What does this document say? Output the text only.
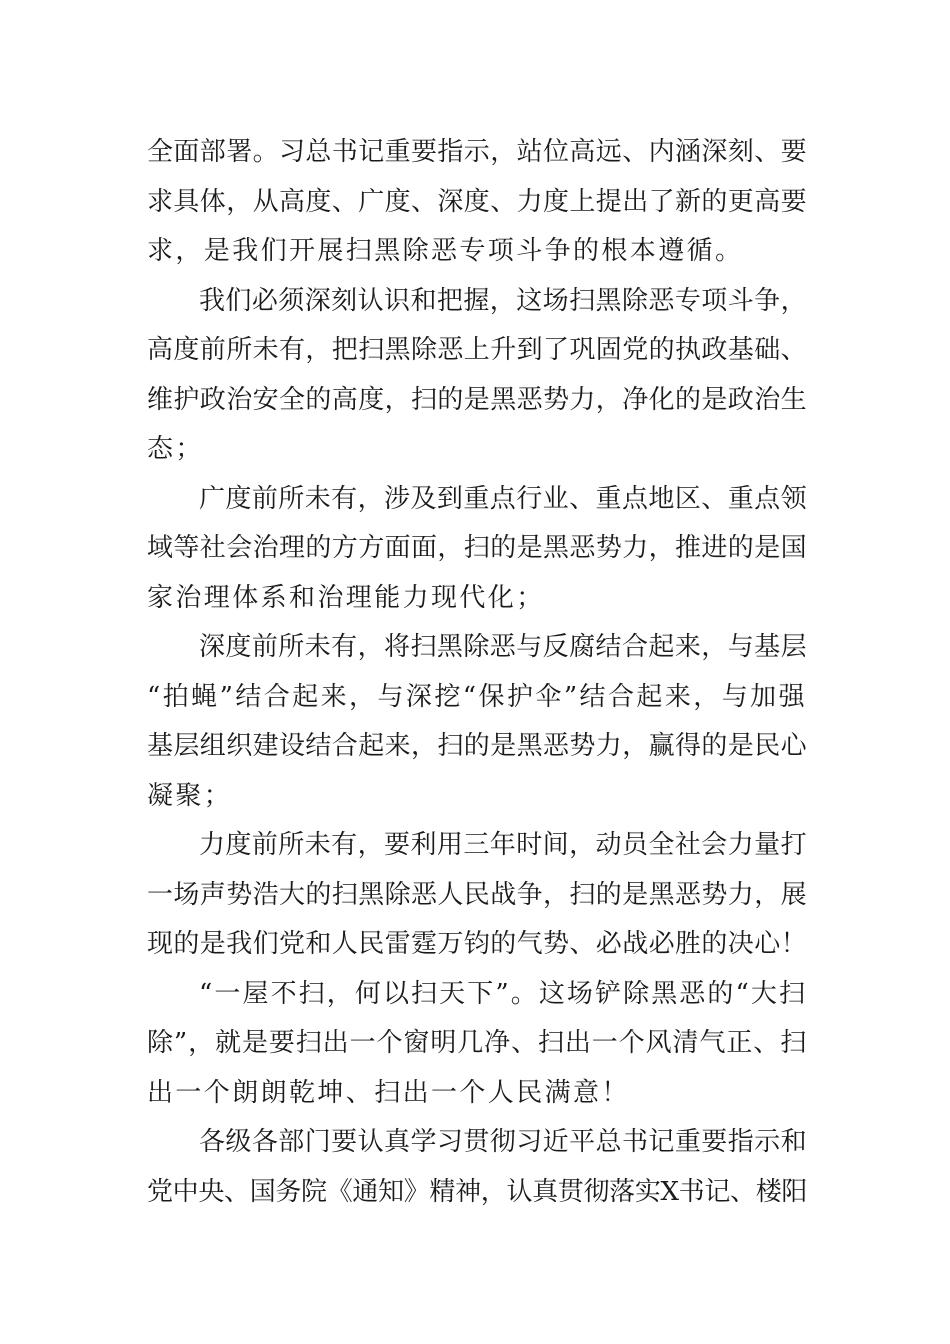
全面部署。习总书记重要指示，站位高远、内涵深刻、要
求具体，从高度、广度、深度、力度上提出了新的更高要
求，是我们开展扫黑除恶专项斗争的根本遵循。
我们必须深刻认识和把握，这场扫黑除恶专项斗争，
高度前所未有，把扫黑除恶上升到了巩固党的执政基础、
维护政治安全的高度，扫的是黑恶势力，净化的是政治生
态；
广度前所未有，涉及到重点行业、重点地区、重点领
域等社会治理的方方面面，扫的是黑恶势力，推进的是国
家治理体系和治理能力现代化；
深度前所未有，将扫黑除恶与反腐结合起来，与基层
“拍蝇”结合起来，与深挖“保护伞”结合起来，与加强
基层组织建设结合起来，扫的是黑恶势力，赢得的是民心
凝聚；
力度前所未有，要利用三年时间，动员全社会力量打
一场声势浩大的扫黑除恶人民战争，扫的是黑恶势力，展
现的是我们党和人民雷霆万钧的气势、必战必胜的决心！
“一屋不扫，何以扫天下”。这场铲除黑恶的“大扫
除”，就是要扫出一个窗明几净、扫出一个风清气正、扫
出一个朗朗乾坤、扫出一个人民满意！
各级各部门要认真学习贯彻习近平总书记重要指示和
党中央、国务院《通知》精神，认真贯彻落实X书记、楼阳
